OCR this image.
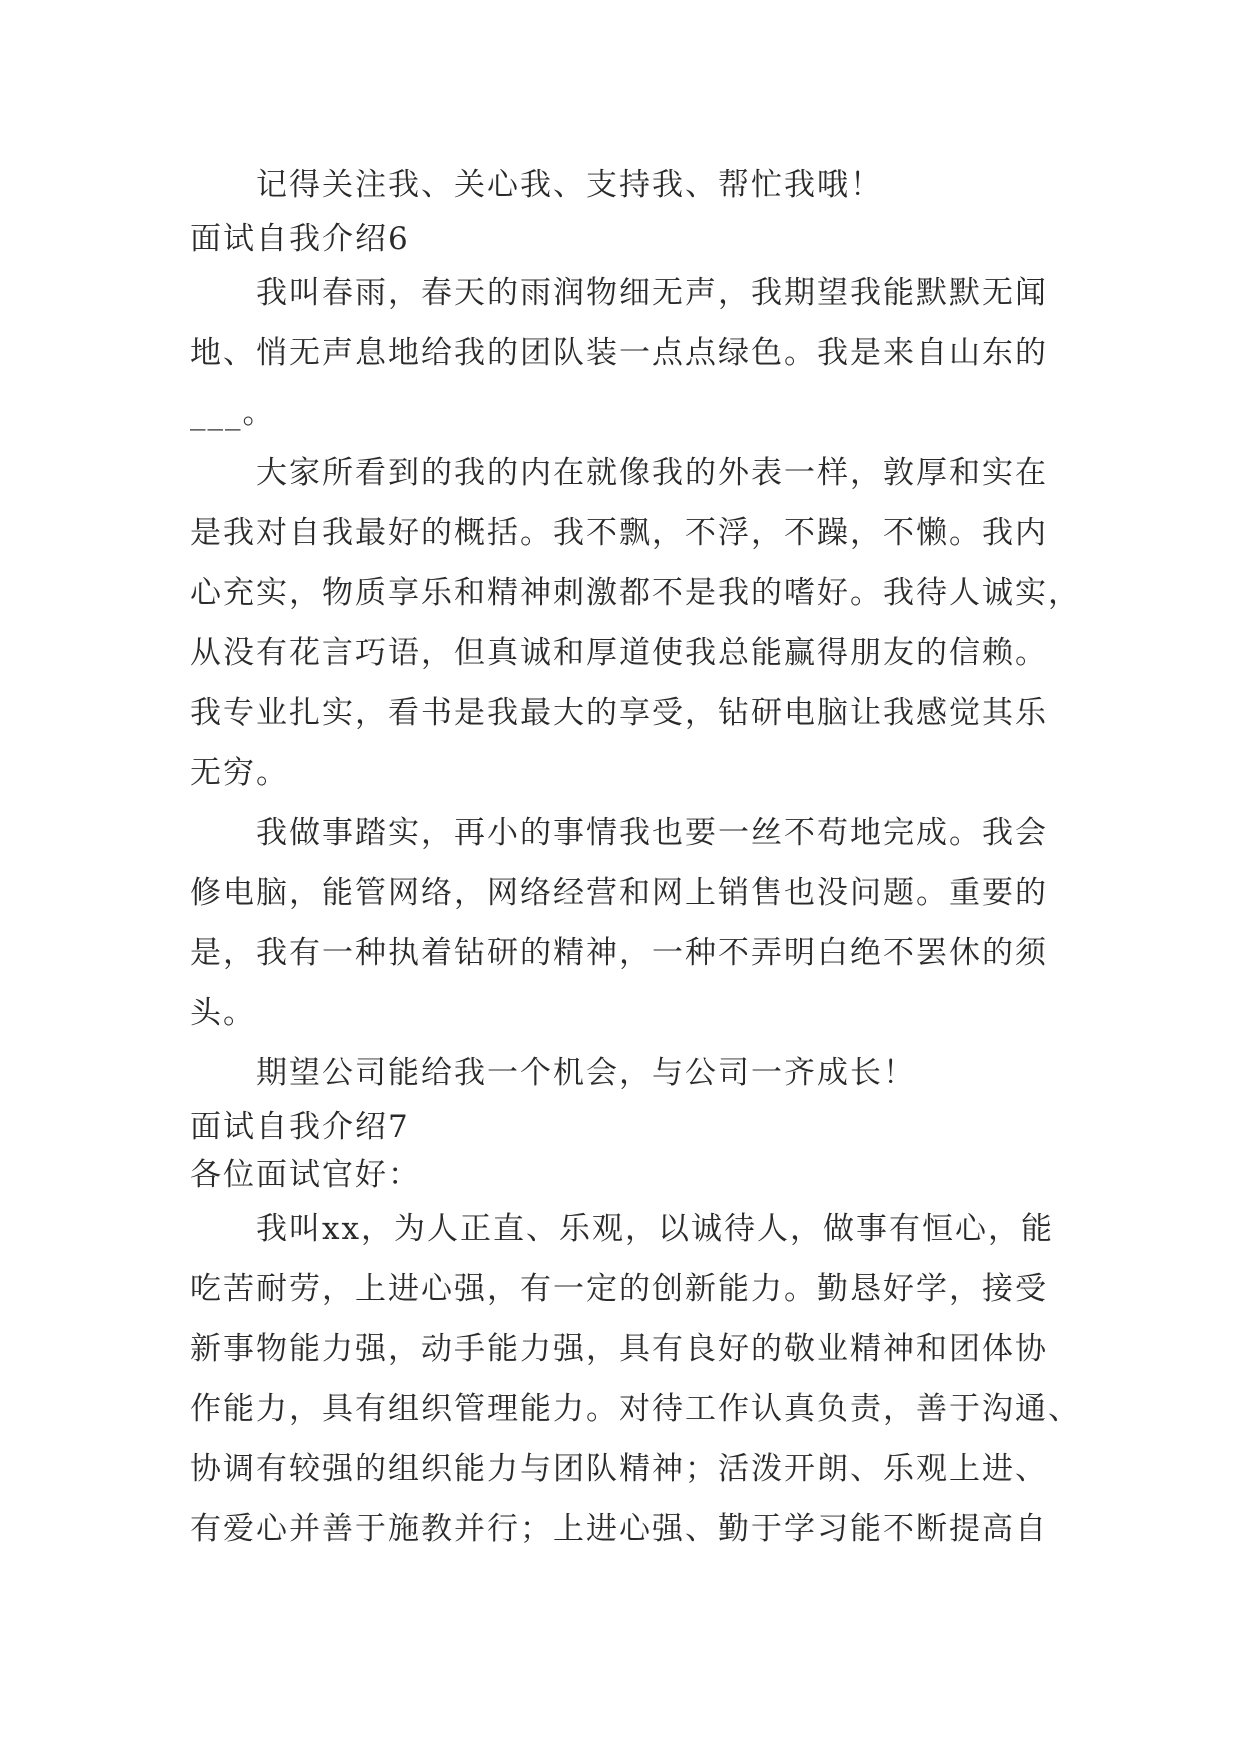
记得关注我、关心我、支持我、帮忙我哦！
面试自我介绍6
我叫春雨，春天的雨润物细无声，我期望我能默默无闻
地、悄无声息地给我的团队装一点点绿色。我是来自山东的
___。
大家所看到的我的内在就像我的外表一样，敦厚和实在
是我对自我最好的概括。我不飘，不浮，不躁，不懒。我内
心充实，物质享乐和精神刺激都不是我的嗜好。我待人诚实，
从没有花言巧语，但真诚和厚道使我总能赢得朋友的信赖。
我专业扎实，看书是我最大的享受，钻研电脑让我感觉其乐
无穷。
我做事踏实，再小的事情我也要一丝不苟地完成。我会
修电脑，能管网络，网络经营和网上销售也没问题。重要的
是，我有一种执着钻研的精神，一种不弄明白绝不罢休的须
头。
期望公司能给我一个机会，与公司一齐成长！
面试自我介绍7
各位面试官好：
我叫xx，为人正直、乐观，以诚待人，做事有恒心，能
吃苦耐劳，上进心强，有一定的创新能力。勤恳好学，接受
新事物能力强，动手能力强，具有良好的敬业精神和团体协
作能力，具有组织管理能力。对待工作认真负责，善于沟通、
协调有较强的组织能力与团队精神；活泼开朗、乐观上进、
有爱心并善于施教并行；上进心强、勤于学习能不断提高自
